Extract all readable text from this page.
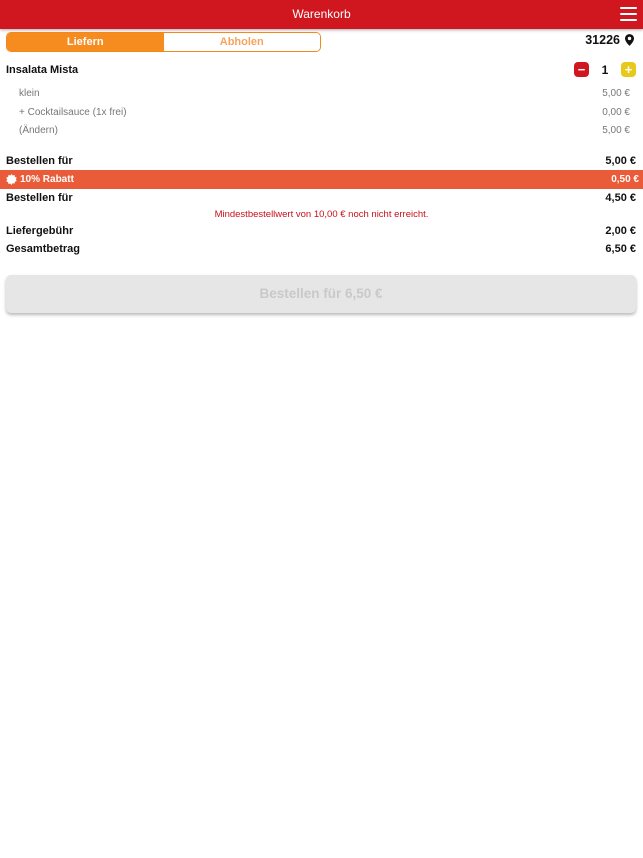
Warenkorb
Liefern	Abholen	31226
Insalata Mista	−	1	+
klein	5,00 €
+ Cocktailsauce (1x frei)	0,00 €
(Ändern)	5,00 €
Bestellen für	5,00 €
10% Rabatt	0,50 €
Bestellen für	4,50 €
Mindestbestellwert von 10,00 € noch nicht erreicht.
Liefergebühr	2,00 €
Gesamtbetrag	6,50 €
Bestellen für 6,50 €
